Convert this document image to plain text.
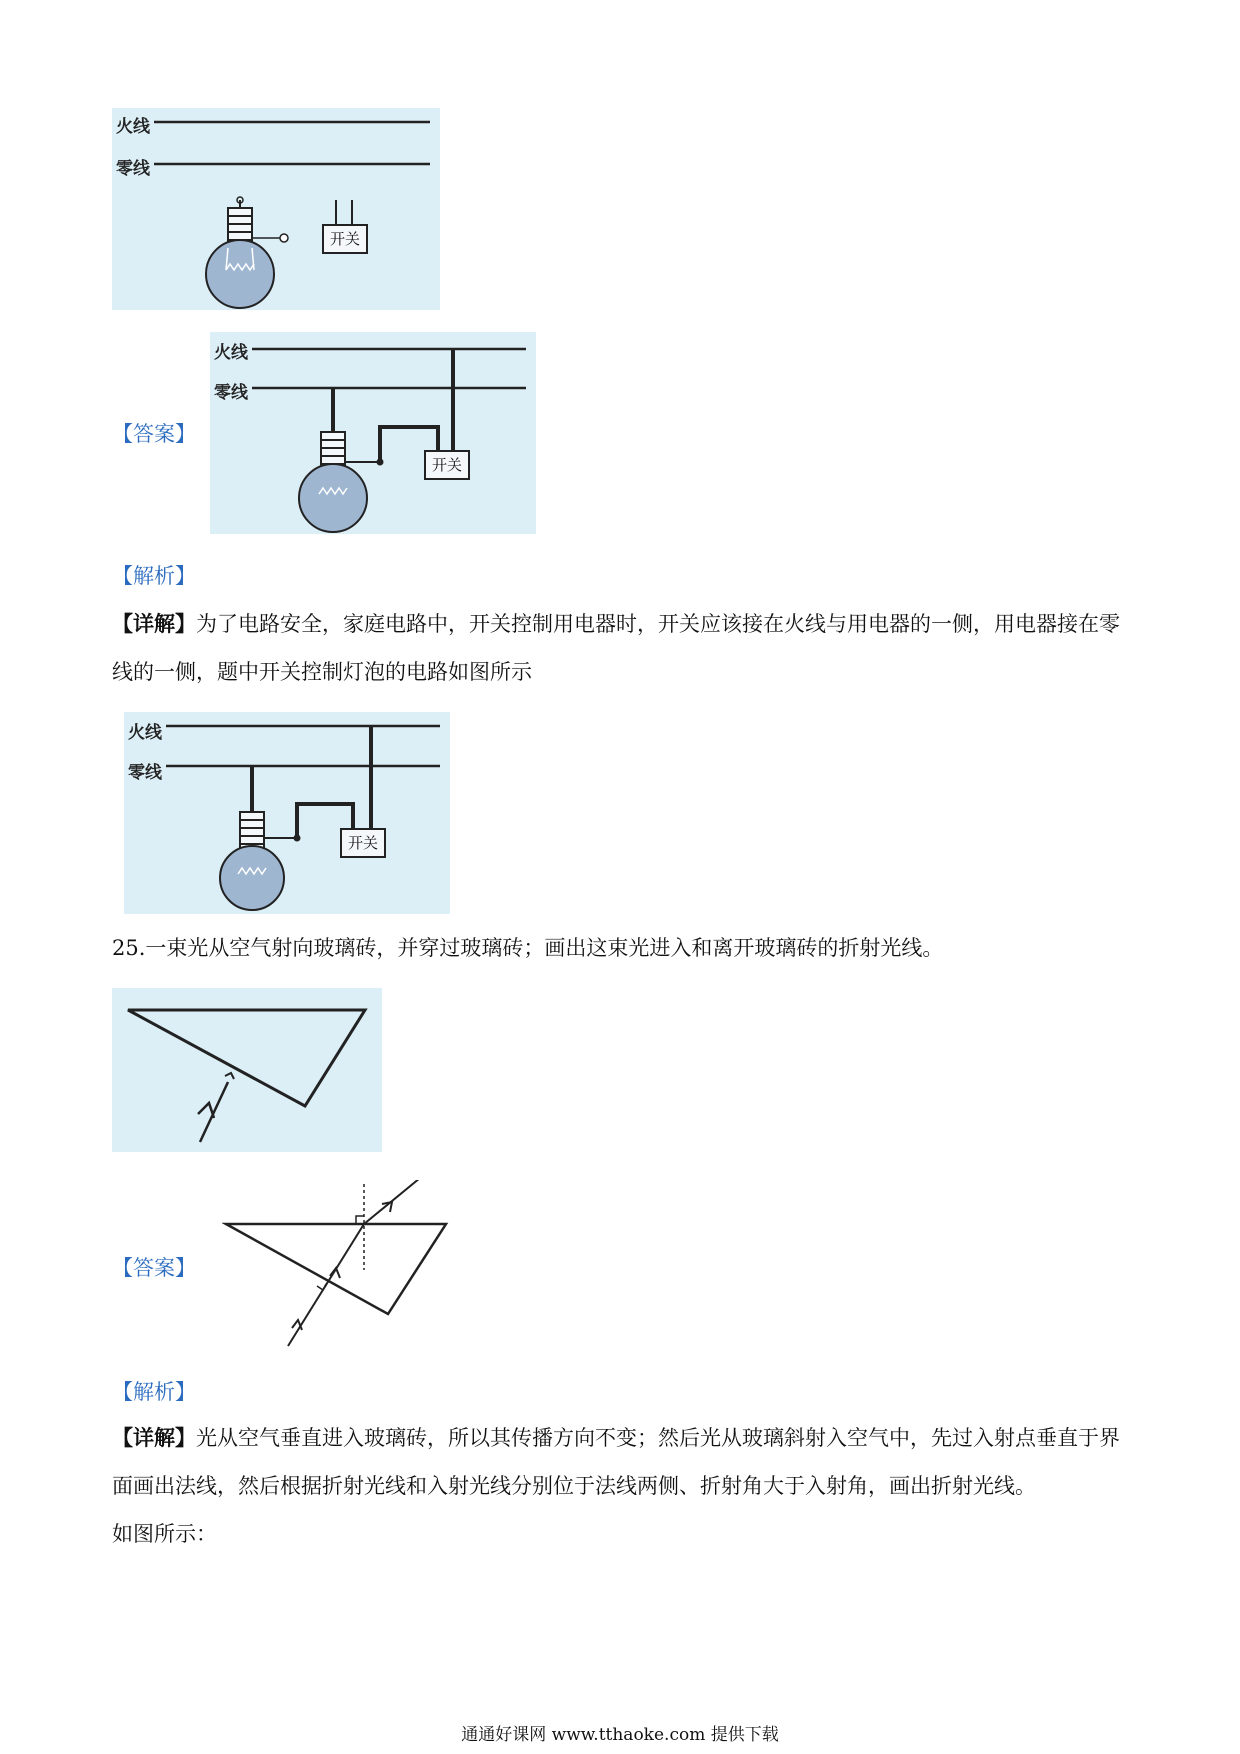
火线
零线
开关
【答案】
火线
零线
开关
【解析】
【详解】为了电路安全，家庭电路中，开关控制用电器时，开关应该接在火线与用电器的一侧，用电器接在零线的一侧，题中开关控制灯泡的电路如图所示
火线
零线
开关
25.一束光从空气射向玻璃砖，并穿过玻璃砖；画出这束光进入和离开玻璃砖的折射光线。
【答案】
【解析】
【详解】光从空气垂直进入玻璃砖，所以其传播方向不变；然后光从玻璃斜射入空气中，先过入射点垂直于界面画出法线，然后根据折射光线和入射光线分别位于法线两侧、折射角大于入射角，画出折射光线。
如图所示：
通通好课网 www.tthaoke.com 提供下载
